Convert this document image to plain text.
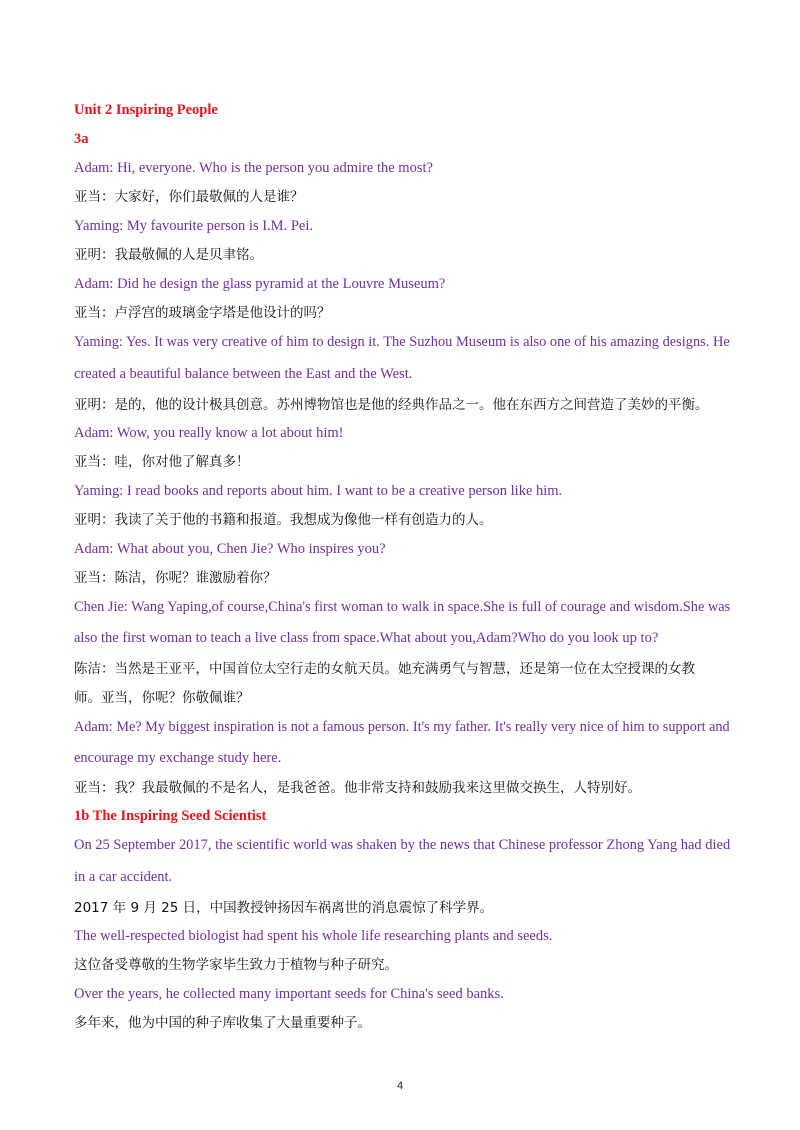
Unit 2 Inspiring People
3a
Adam: Hi, everyone. Who is the person you admire the most?
亚当：大家好，你们最敬佩的人是谁？
Yaming: My favourite person is I.M. Pei.
亚明：我最敬佩的人是贝聿铭。
Adam: Did he design the glass pyramid at the Louvre Museum?
亚当：卢浮宫的玻璃金字塔是他设计的吗？
Yaming: Yes. It was very creative of him to design it. The Suzhou Museum is also one of his amazing designs. He
created a beautiful balance between the East and the West.
亚明：是的，他的设计极具创意。苏州博物馆也是他的经典作品之一。他在东西方之间营造了美妙的平衡。
Adam: Wow, you really know a lot about him!
亚当：哇，你对他了解真多！
Yaming: I read books and reports about him. I want to be a creative person like him.
亚明：我读了关于他的书籍和报道。我想成为像他一样有创造力的人。
Adam: What about you, Chen Jie? Who inspires you?
亚当：陈洁，你呢？谁激励着你？
Chen Jie: Wang Yaping,of course,China's first woman to walk in space.She is full of courage and wisdom.She was
also the first woman to teach a live class from space.What about you,Adam?Who do you look up to?
陈洁：当然是王亚平，中国首位太空行走的女航天员。她充满勇气与智慧，还是第一位在太空授课的女教
师。亚当，你呢？你敬佩谁？
Adam: Me? My biggest inspiration is not a famous person. It's my father. It's really very nice of him to support and
encourage my exchange study here.
亚当：我？我最敬佩的不是名人，是我爸爸。他非常支持和鼓励我来这里做交换生，人特别好。
1b The Inspiring Seed Scientist
On 25 September 2017, the scientific world was shaken by the news that Chinese professor Zhong Yang had died
in a car accident.
2017 年 9 月 25 日，中国教授钟扬因车祸离世的消息震惊了科学界。
The well-respected biologist had spent his whole life researching plants and seeds.
这位备受尊敬的生物学家毕生致力于植物与种子研究。
Over the years, he collected many important seeds for China's seed banks.
多年来，他为中国的种子库收集了大量重要种子。
4
